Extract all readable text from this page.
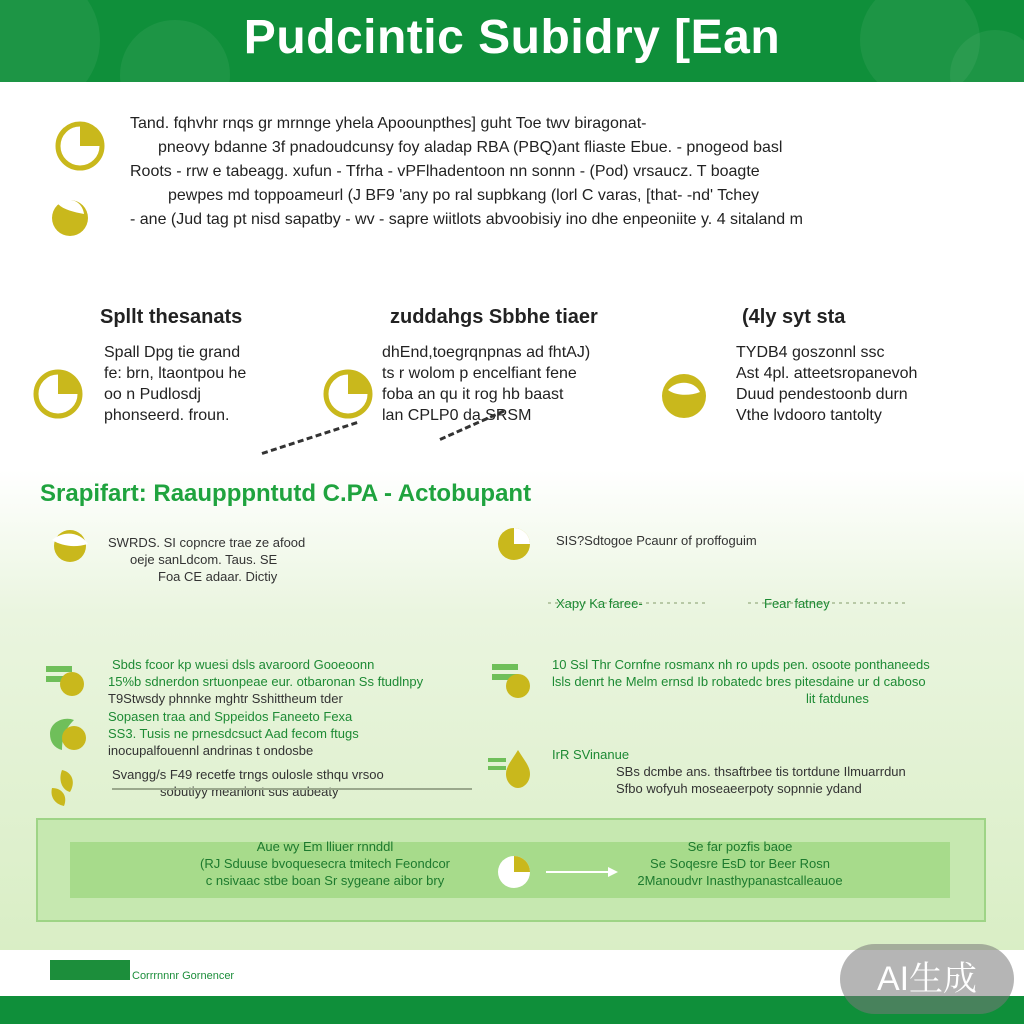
Pudcintic Subidry [Ean
Tand. fqhvhr rnqs gr mrnnge yhela Apoounpthes] guht Toe twv biragonat-
pneovy bdanne 3f pnadoudcunsy foy aladap RBA (PBQ)ant fliaste Ebue. - pnogeod basl
Roots - rrw e tabeagg. xufun - Tfrha - vPFlhadentoon nn sonnn - (Pod) vrsaucz. T boagte
pewpes md toppoameurl (J BF9 'any po ral supbkang (lorl C varas, [that- -nd' Tchey
- ane (Jud tag pt nisd sapatby - wv - sapre wiitlots abvoobisiy ino dhe enpeoniite y. 4 sitaland m
Spllt thesanats
Spall Dpg tie grand
fe: brn, ltaontpou he
oo n Pudlosdj
phonseerd. froun.
zuddahgs Sbbhe tiaer
dhEnd,toegrqnpnas ad fhtAJ)
ts r wolom p encelfiant fene
foba an qu it rog hb baast
lan CPLP0 da SRSM
(4ly syt sta
TYDB4 goszonnl ssc
Ast 4pl. atteetsropanevoh
Duud pendestoonb durn
Vthe lvdooro tantolty
Srapifart: Raaupppntutd C.PA - Actobupant
SWRDS. SI copncre trae ze afood
oeje sanLdcom. Taus. SE
Foa CE adaar. Dictiy
SIS?Sdtogoe Pcaunr of proffoguim
Xapy Ka faree-	Fear fatney
Sbds fcoor kp wuesi dsls avaroord Gooeoonn
15%b sdnerdon srtuonpeae eur. otbaronan Ss ftudlnpy
T9Stwsdy phnnke mghtr Sshittheum tder
Sopasen traa and Sppeidos Faneeto Fexa
SS3. Tusis ne prnesdcsuct Aad fecom ftugs
inocupalfouennl andrinas t ondosbe
Svangg/s F49 recetfe trngs oulosle sthqu vrsoo
sobutiyy meaniont sus aubeaty
10 Ssl Thr Cornfne rosmanx nh ro upds pen. osoote ponthaneeds
lsls denrt he Melm ernsd Ib robatedc bres pitesdaine ur d caboso
lit fatdunes
IrR SVinanue
SBs dcmbe ans. thsaftrbee tis tortdune Ilmuarrdun
Sfbo wofyuh moseaeerpoty sopnnie ydand
Aue wy Em lliuer rnnddl
(RJ Sduuse bvoquesecra tmitech Feondcor
c nsivaac stbe boan Sr sygeane aibor bry
Se far pozfis baoe
Se Soqesre EsD tor Beer Rosn
2Manoudvr Inasthypanastcalleauoe
Corrrnnnr Gornencer	AI生成
